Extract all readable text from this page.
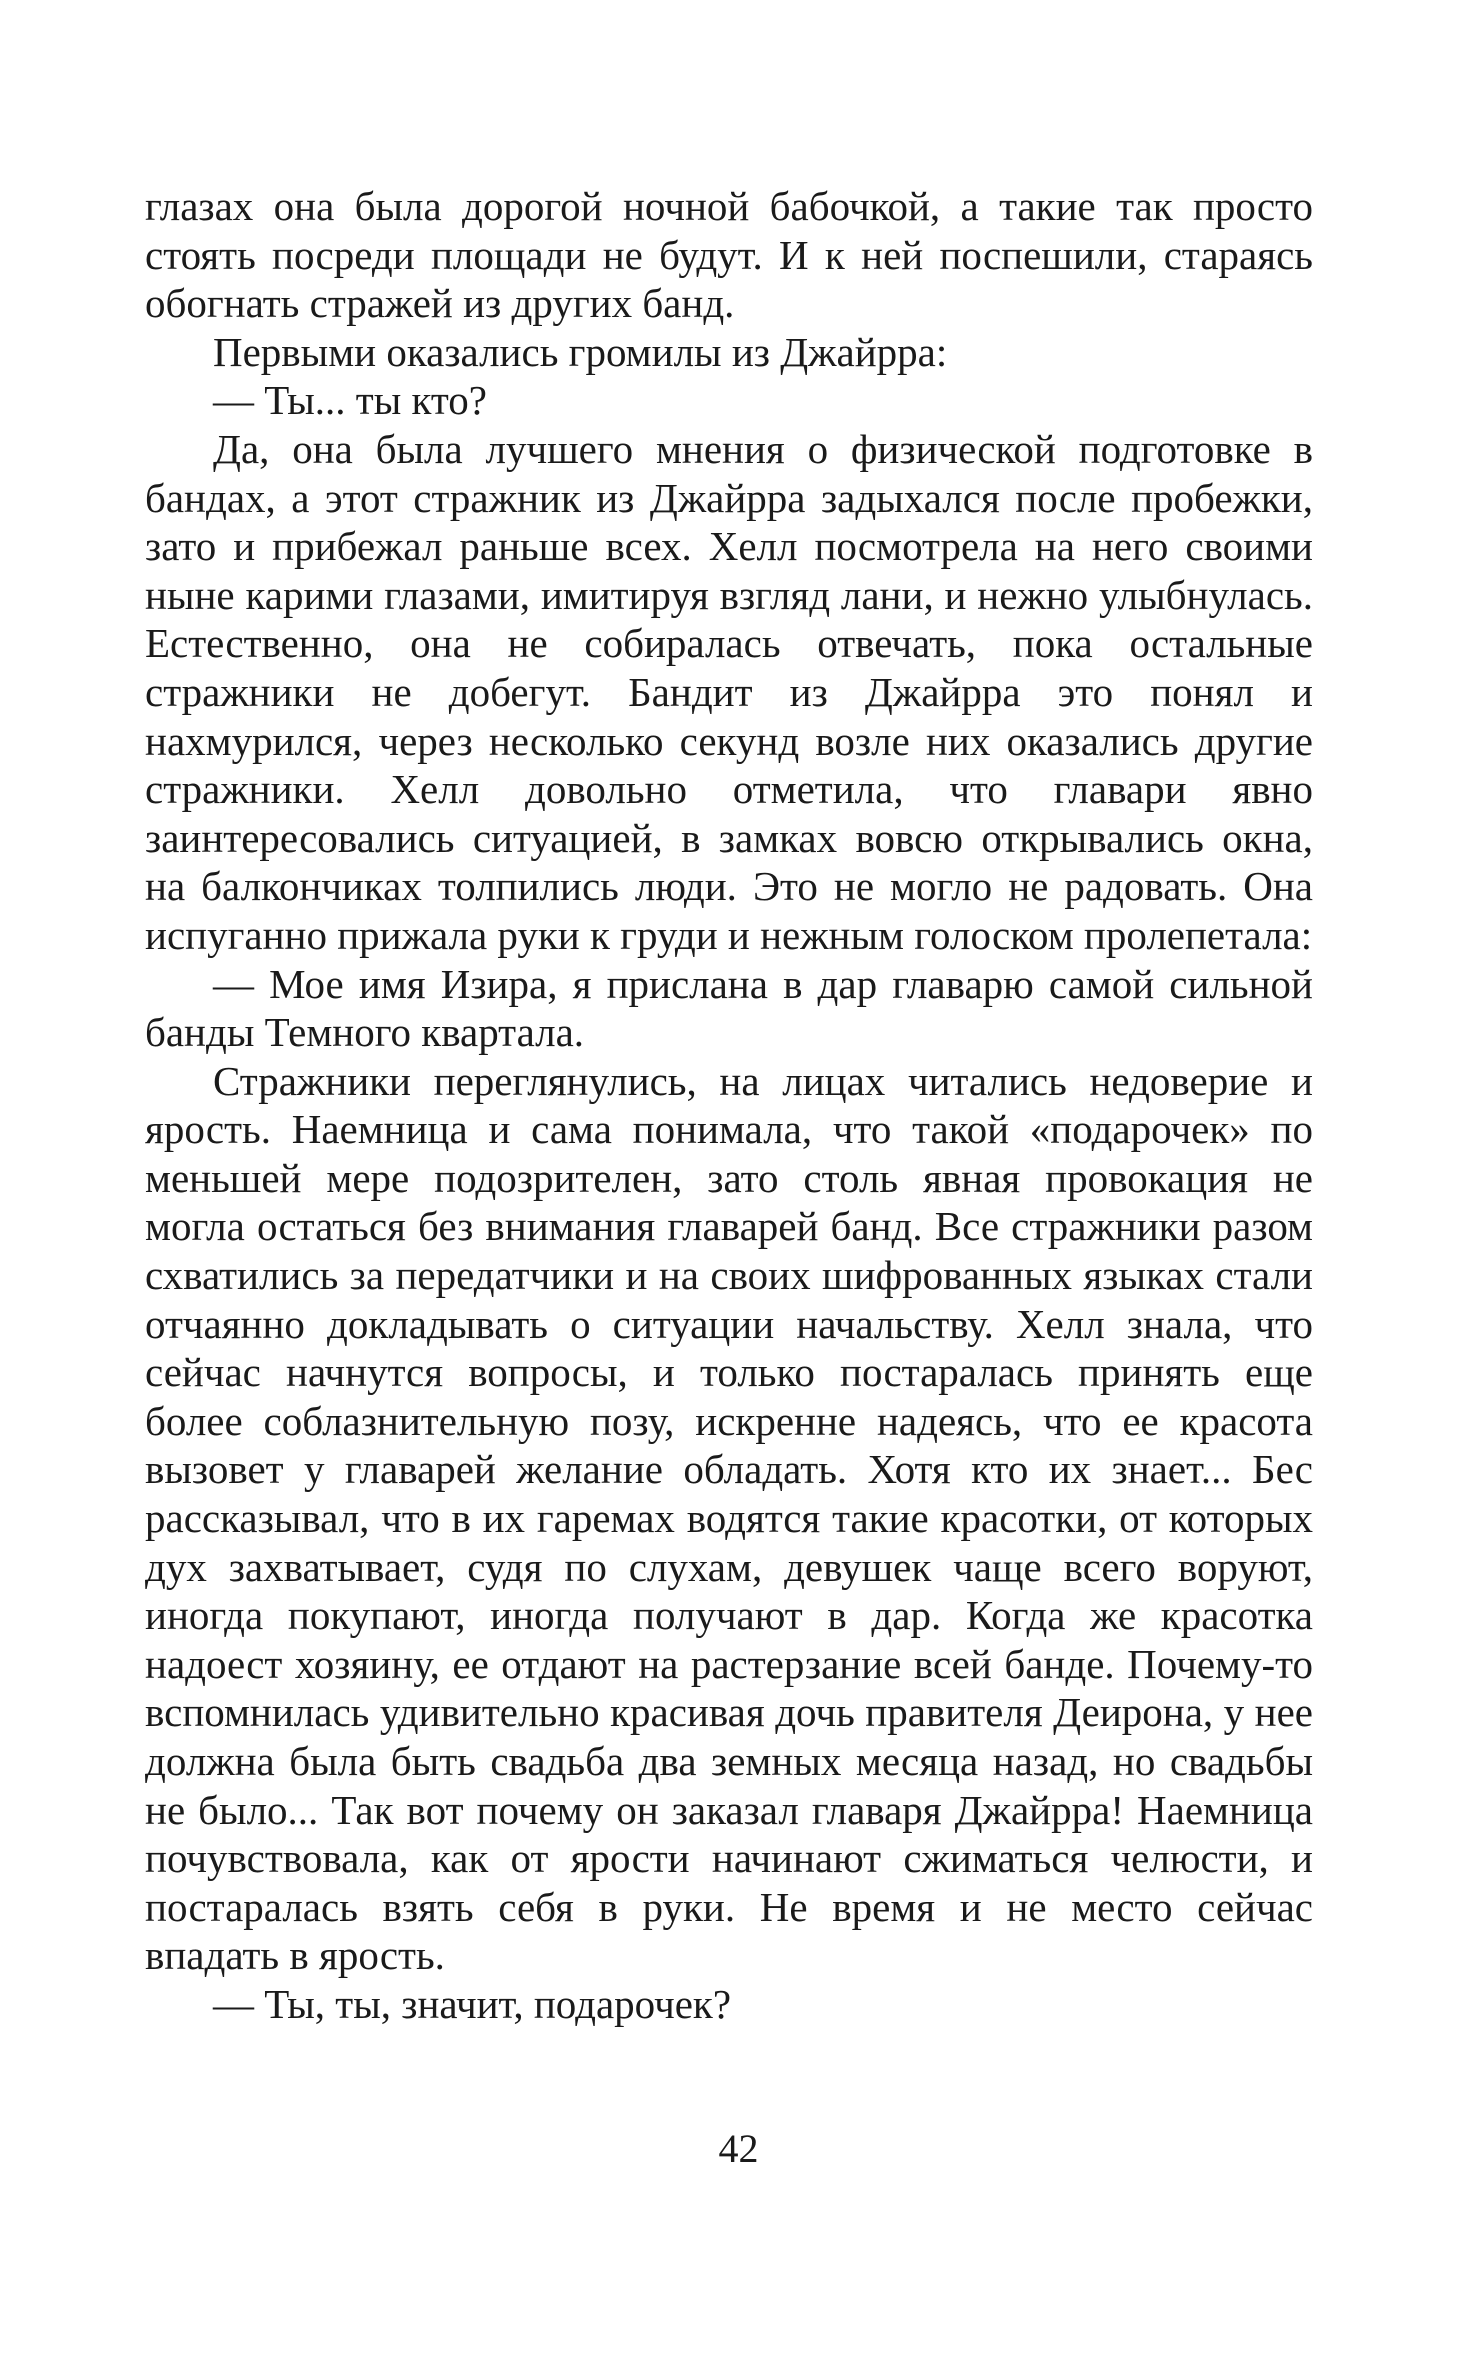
глазах она была дорогой ночной бабочкой, а такие так просто стоять посреди площади не будут. И к ней поспешили, стараясь обогнать стражей из других банд.

Первыми оказались громилы из Джайрра:

— Ты... ты кто?

Да, она была лучшего мнения о физической подготовке в бандах, а этот стражник из Джайрра задыхался после пробежки, зато и прибежал раньше всех. Хелл посмотрела на него своими ныне карими глазами, имитируя взгляд лани, и нежно улыбнулась. Естественно, она не собиралась отвечать, пока остальные стражники не добегут. Бандит из Джайрра это понял и нахмурился, через несколько секунд возле них оказались другие стражники. Хелл довольно отметила, что главари явно заинтересовались ситуацией, в замках вовсю открывались окна, на балкончиках толпились люди. Это не могло не радовать. Она испуганно прижала руки к груди и нежным голоском пролепетала:

— Мое имя Изира, я прислана в дар главарю самой сильной банды Темного квартала.

Стражники переглянулись, на лицах читались недоверие и ярость. Наемница и сама понимала, что такой «подарочек» по меньшей мере подозрителен, зато столь явная провокация не могла остаться без внимания главарей банд. Все стражники разом схватились за передатчики и на своих шифрованных языках стали отчаянно докладывать о ситуации начальству. Хелл знала, что сейчас начнутся вопросы, и только постаралась принять еще более соблазнительную позу, искренне надеясь, что ее красота вызовет у главарей желание обладать. Хотя кто их знает... Бес рассказывал, что в их гаремах водятся такие красотки, от которых дух захватывает, судя по слухам, девушек чаще всего воруют, иногда покупают, иногда получают в дар. Когда же красотка надоест хозяину, ее отдают на растерзание всей банде. Почему-то вспомнилась удивительно красивая дочь правителя Деирона, у нее должна была быть свадьба два земных месяца назад, но свадьбы не было... Так вот почему он заказал главаря Джайрра! Наемница почувствовала, как от ярости начинают сжиматься челюсти, и постаралась взять себя в руки. Не время и не место сейчас впадать в ярость.

— Ты, ты, значит, подарочек?

42
